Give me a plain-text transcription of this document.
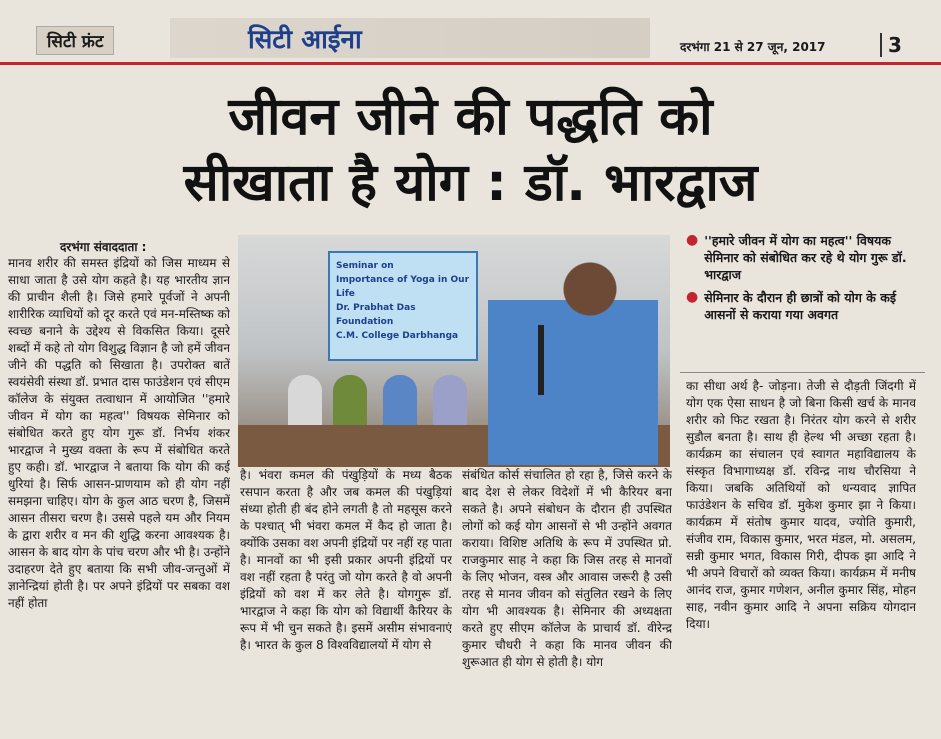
सिटी फ्रंट	सिटी आईना	दरभंगा 21 से 27 जून, 2017	3
जीवन जीने की पद्धति को
सीखाता है योग : डॉ. भारद्वाज
दरभंगा संवाददाता :

मानव शरीर की समस्त इंद्रियों को जिस माध्यम से साधा जाता है उसे योग कहते है। यह भारतीय ज्ञान की प्राचीन शैली है। जिसे हमारे पूर्वजों ने अपनी शारीरिक व्याधियों को दूर करते एवं मन-मस्तिष्क को स्वच्छ बनाने के उद्देश्य से विकसित किया। दूसरे शब्दों में कहे तो योग विशुद्ध विज्ञान है जो हमें जीवन जीने की पद्धति को सिखाता है। उपरोक्त बातें स्वयंसेवी संस्था डॉ. प्रभात दास फाउंडेशन एवं सीएम कॉलेज के संयुक्त तत्वाधान में आयोजित ''हमारे जीवन में योग का महत्व'' विषयक सेमिनार को संबोधित करते हुए योग गुरू डॉ. निर्भय शंकर भारद्वाज ने मुख्य वक्ता के रूप में संबोधित करते हुए कही। डॉ. भारद्वाज ने बताया कि योग की कई धुरियां है। सिर्फ आसन-प्राणयाम को ही योग नहीं समझना चाहिए। योग के कुल आठ चरण है, जिसमें आसन तीसरा चरण है। उससे पहले यम और नियम के द्वारा शरीर व मन की शुद्धि करना आवश्यक है। आसन के बाद योग के पांच चरण और भी है। उन्होंने उदाहरण देते हुए बताया कि सभी जीव-जन्तुओं में ज्ञानेन्द्रियां होती है। पर अपने इंद्रियों पर सबका वश नहीं होता

Seminar on
Importance of Yoga in Our Life
Dr. Prabhat Das Foundation
C.M. College Darbhanga

है। भंवरा कमल की पंखुड़ियों के मध्य बैठक रसपान करता है और जब कमल की पंखुड़ियां संध्या होती ही बंद होने लगती है तो महसूस करने के पश्चात् भी भंवरा कमल में कैद हो जाता है। क्योंकि उसका वश अपनी इंद्रियों पर नहीं रह पाता है। मानवों का भी इसी प्रकार अपनी इंद्रियों पर वश नहीं रहता है परंतु जो योग करते है वो अपनी इंद्रियों को वश में कर लेते है। योगगुरू डॉ. भारद्वाज ने कहा कि योग को विद्यार्थी कैरियर के रूप में भी चुन सकते है। इसमें असीम संभावनाएं है। भारत के कुल 8 विश्वविद्यालयों में योग से

संबंधित कोर्स संचालित हो रहा है, जिसे करने के बाद देश से लेकर विदेशों में भी कैरियर बना सकते है। अपने संबोधन के दौरान ही उपस्थित लोगों को कई योग आसनों से भी उन्होंने अवगत कराया। विशिष्ट अतिथि के रूप में उपस्थित प्रो. राजकुमार साह ने कहा कि जिस तरह से मानवों के लिए भोजन, वस्त्र और आवास जरूरी है उसी तरह से मानव जीवन को संतुलित रखने के लिए योग भी आवश्यक है। सेमिनार की अध्यक्षता करते हुए सीएम कॉलेज के प्राचार्य डॉ. वीरेन्द्र कुमार चौधरी ने कहा कि मानव जीवन की शुरूआत ही योग से होती है। योग

● ''हमारे जीवन में योग का महत्व'' विषयक सेमिनार को संबोधित कर रहे थे योग गुरू डॉ. भारद्वाज
● सेमिनार के दौरान ही छात्रों को योग के कई आसनों से कराया गया अवगत

का सीधा अर्थ है- जोड़ना। तेजी से दौड़ती जिंदगी में योग एक ऐसा साधन है जो बिना किसी खर्च के मानव शरीर को फिट रखता है। निरंतर योग करने से शरीर सुडौल बनता है। साथ ही हेल्थ भी अच्छा रहता है। कार्यक्रम का संचालन एवं स्वागत महाविद्यालय के संस्कृत विभागाध्यक्ष डॉ. रविन्द्र नाथ चौरसिया ने किया। जबकि अतिथियों को धन्यवाद ज्ञापित फाउंडेशन के सचिव डॉ. मुकेश कुमार झा ने किया। कार्यक्रम में संतोष कुमार यादव, ज्योति कुमारी, संजीव राम, विकास कुमार, भरत मंडल, मो. असलम, सन्नी कुमार भगत, विकास गिरी, दीपक झा आदि ने भी अपने विचारों को व्यक्त किया। कार्यक्रम में मनीष आनंद राज, कुमार गणेशन, अनील कुमार सिंह, मोहन साह, नवीन कुमार आदि ने अपना सक्रिय योगदान दिया।
